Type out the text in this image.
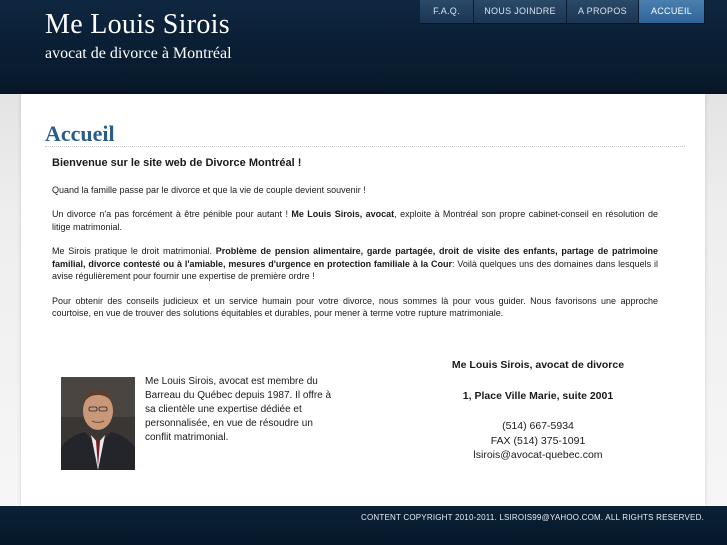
Me Louis Sirois
avocat de divorce à Montréal
F.A.Q.	NOUS JOINDRE	A PROPOS	ACCUEIL
Accueil

Bienvenue sur le site web de Divorce Montréal !

Quand la famille passe par le divorce et que la vie de couple devient souvenir !

Un divorce n'a pas forcément à être pénible pour autant ! Me Louis Sirois, avocat, exploite à Montréal son propre cabinet-conseil en résolution de litige matrimonial.

Me Sirois pratique le droit matrimonial. Problème de pension alimentaire, garde partagée, droit de visite des enfants, partage de patrimoine familial, divorce contesté ou à l'amiable, mesures d'urgence en protection familiale à la Cour: Voilà quelques uns des domaines dans lesquels il avise régulièrement pour fournir une expertise de première ordre !

Pour obtenir des conseils judicieux et un service humain pour votre divorce, nous sommes là pour vous guider. Nous favorisons une approche courtoise, en vue de trouver des solutions équitables et durables, pour mener à terme votre rupture matrimoniale.

Me Louis Sirois, avocat est membre du Barreau du Québec depuis 1987. Il offre à sa clientèle une expertise dédiée et personnalisée, en vue de résoudre un conflit matrimonial.
Me Louis Sirois, avocat de divorce
1, Place Ville Marie, suite 2001
(514) 667-5934
FAX (514) 375-1091
lsirois@avocat-quebec.com
CONTENT COPYRIGHT 2010-2011. LSIROIS99@YAHOO.COM. ALL RIGHTS RESERVED.
